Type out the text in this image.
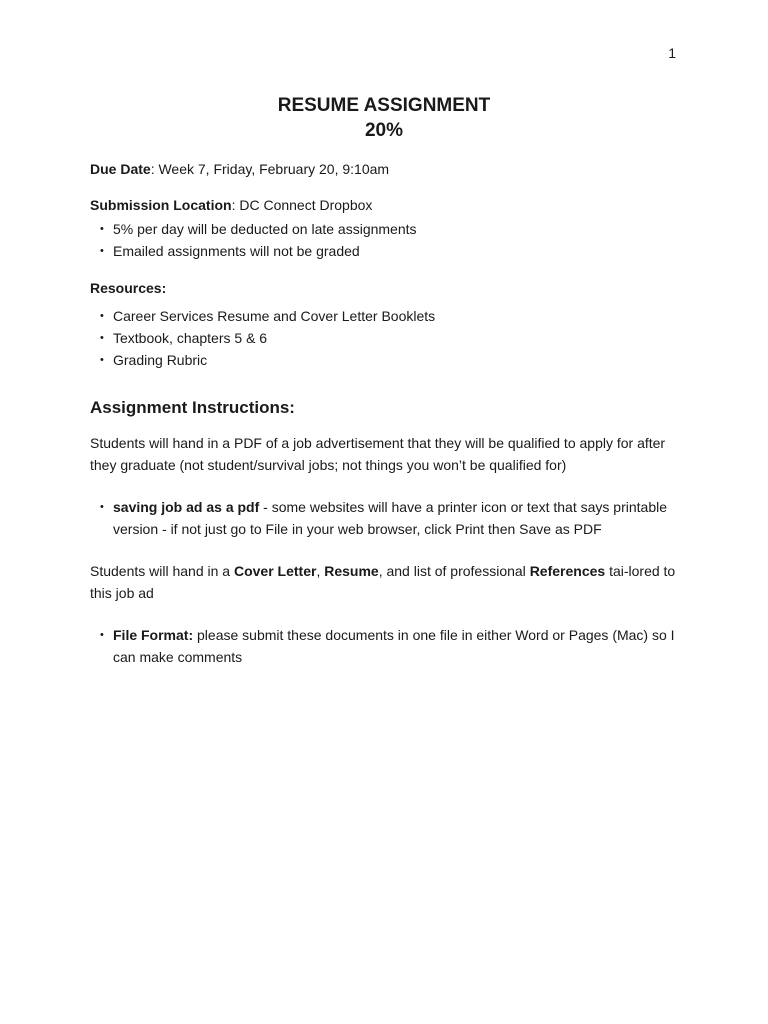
1
RESUME ASSIGNMENT
20%

Due Date: Week 7, Friday, February 20, 9:10am

Submission Location: DC Connect Dropbox

• 5% per day will be deducted on late assignments
• Emailed assignments will not be graded

Resources:

• Career Services Resume and Cover Letter Booklets
• Textbook, chapters 5 & 6
• Grading Rubric

Assignment Instructions:

Students will hand in a PDF of a job advertisement that they will be qualified to apply for after they graduate (not student/survival jobs; not things you won’t be qualified for)

• saving job ad as a pdf - some websites will have a printer icon or text that says printable version - if not just go to File in your web browser, click Print then Save as PDF

Students will hand in a Cover Letter, Resume, and list of professional References tai-lored to this job ad

• File Format: please submit these documents in one file in either Word or Pages (Mac) so I can make comments
